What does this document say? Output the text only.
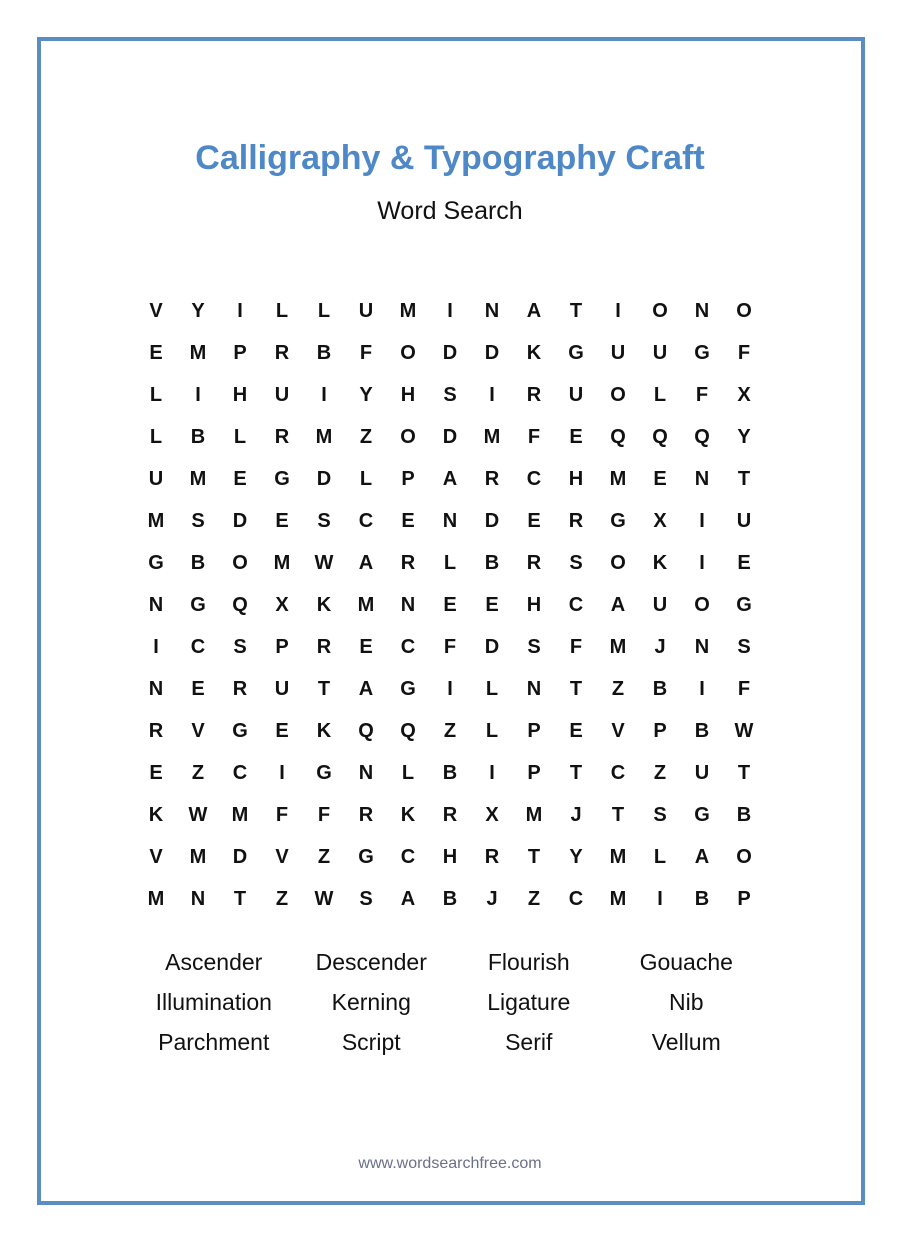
Calligraphy & Typography Craft
Word Search
V	Y	I	L	L	U	M	I	N	A	T	I	O	N	O
E	M	P	R	B	F	O	D	D	K	G	U	U	G	F
L	I	H	U	I	Y	H	S	I	R	U	O	L	F	X
L	B	L	R	M	Z	O	D	M	F	E	Q	Q	Q	Y
U	M	E	G	D	L	P	A	R	C	H	M	E	N	T
M	S	D	E	S	C	E	N	D	E	R	G	X	I	U
G	B	O	M	W	A	R	L	B	R	S	O	K	I	E
N	G	Q	X	K	M	N	E	E	H	C	A	U	O	G
I	C	S	P	R	E	C	F	D	S	F	M	J	N	S
N	E	R	U	T	A	G	I	L	N	T	Z	B	I	F
R	V	G	E	K	Q	Q	Z	L	P	E	V	P	B	W
E	Z	C	I	G	N	L	B	I	P	T	C	Z	U	T
K	W	M	F	F	R	K	R	X	M	J	T	S	G	B
V	M	D	V	Z	G	C	H	R	T	Y	M	L	A	O
M	N	T	Z	W	S	A	B	J	Z	C	M	I	B	P
Ascender	Descender	Flourish	Gouache
Illumination	Kerning	Ligature	Nib
Parchment	Script	Serif	Vellum
www.wordsearchfree.com
